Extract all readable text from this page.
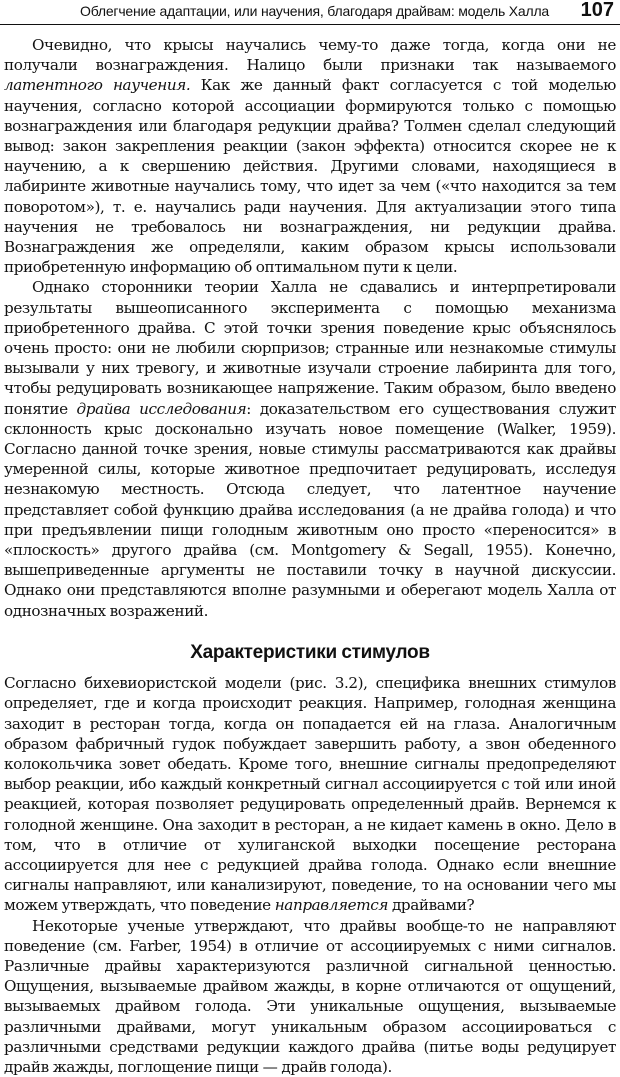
Облегчение адаптации, или научения, благодаря драйвам: модель Халла 107

Очевидно, что крысы научались чему-то даже тогда, когда они не получали вознаграждения. Налицо были признаки так называемого латентного научения. Как же данный факт согласуется с той моделью научения, согласно которой ассоциации формируются только с помощью вознаграждения или благодаря редукции драйва? Толмен сделал следующий вывод: закон закрепления реакции (закон эффекта) относится скорее не к научению, а к свершению действия. Другими словами, находящиеся в лабиринте животные научались тому, что идет за чем («что находится за тем поворотом»), т. е. научались ради научения. Для актуализации этого типа научения не требовалось ни вознаграждения, ни редукции драйва. Вознаграждения же определяли, каким образом крысы использовали приобретенную информацию об оптимальном пути к цели.

Однако сторонники теории Халла не сдавались и интерпретировали результаты вышеописанного эксперимента с помощью механизма приобретенного драйва. С этой точки зрения поведение крыс объяснялось очень просто: они не любили сюрпризов; странные или незнакомые стимулы вызывали у них тревогу, и животные изучали строение лабиринта для того, чтобы редуцировать возникающее напряжение. Таким образом, было введено понятие драйва исследования: доказательством его существования служит склонность крыс досконально изучать новое помещение (Walker, 1959). Согласно данной точке зрения, новые стимулы рассматриваются как драйвы умеренной силы, которые животное предпочитает редуцировать, исследуя незнакомую местность. Отсюда следует, что латентное научение представляет собой функцию драйва исследования (а не драйва голода) и что при предъявлении пищи голодным животным оно просто «переносится» в «плоскость» другого драйва (см. Montgomery & Segall, 1955). Конечно, вышеприведенные аргументы не поставили точку в научной дискуссии. Однако они представляются вполне разумными и оберегают модель Халла от однозначных возражений.

Характеристики стимулов

Согласно бихевиористской модели (рис. 3.2), специфика внешних стимулов определяет, где и когда происходит реакция. Например, голодная женщина заходит в ресторан тогда, когда он попадается ей на глаза. Аналогичным образом фабричный гудок побуждает завершить работу, а звон обеденного колокольчика зовет обедать. Кроме того, внешние сигналы предопределяют выбор реакции, ибо каждый конкретный сигнал ассоциируется с той или иной реакцией, которая позволяет редуцировать определенный драйв. Вернемся к голодной женщине. Она заходит в ресторан, а не кидает камень в окно. Дело в том, что в отличие от хулиганской выходки посещение ресторана ассоциируется для нее с редукцией драйва голода. Однако если внешние сигналы направляют, или канализируют, поведение, то на основании чего мы можем утверждать, что поведение направляется драйвами?

Некоторые ученые утверждают, что драйвы вообще-то не направляют поведение (см. Farber, 1954) в отличие от ассоциируемых с ними сигналов. Различные драйвы характеризуются различной сигнальной ценностью. Ощущения, вызываемые драйвом жажды, в корне отличаются от ощущений, вызываемых драйвом голода. Эти уникальные ощущения, вызываемые различными драйвами, могут уникальным образом ассоциироваться с различными средствами редукции каждого драйва (питье воды редуцирует драйв жажды, поглощение пищи — драйв голода).
